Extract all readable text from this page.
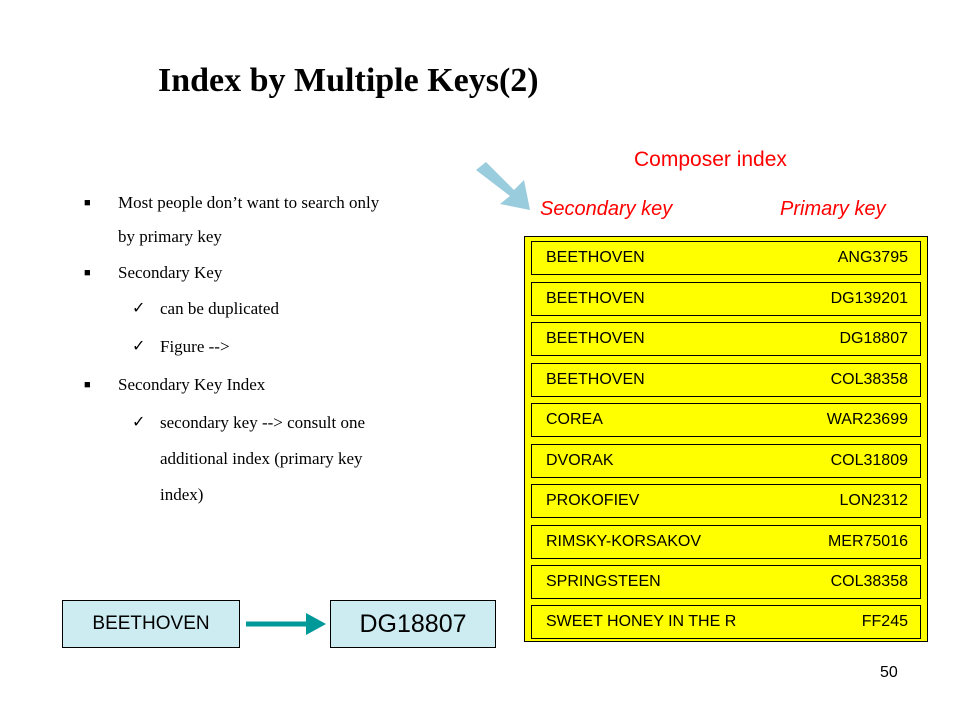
Index by Multiple Keys(2)
■ Most people don’t want to search only
by primary key
■ Secondary Key
✓ can be duplicated
✓ Figure -->
■ Secondary Key Index
✓ secondary key --> consult one
additional index (primary key
index)
Composer index
Secondary key	Primary key
BEETHOVEN	ANG3795
BEETHOVEN	DG139201
BEETHOVEN	DG18807
BEETHOVEN	COL38358
COREA	WAR23699
DVORAK	COL31809
PROKOFIEV	LON2312
RIMSKY-KORSAKOV	MER75016
SPRINGSTEEN	COL38358
SWEET HONEY IN THE R	FF245
BEETHOVEN	DG18807
50
